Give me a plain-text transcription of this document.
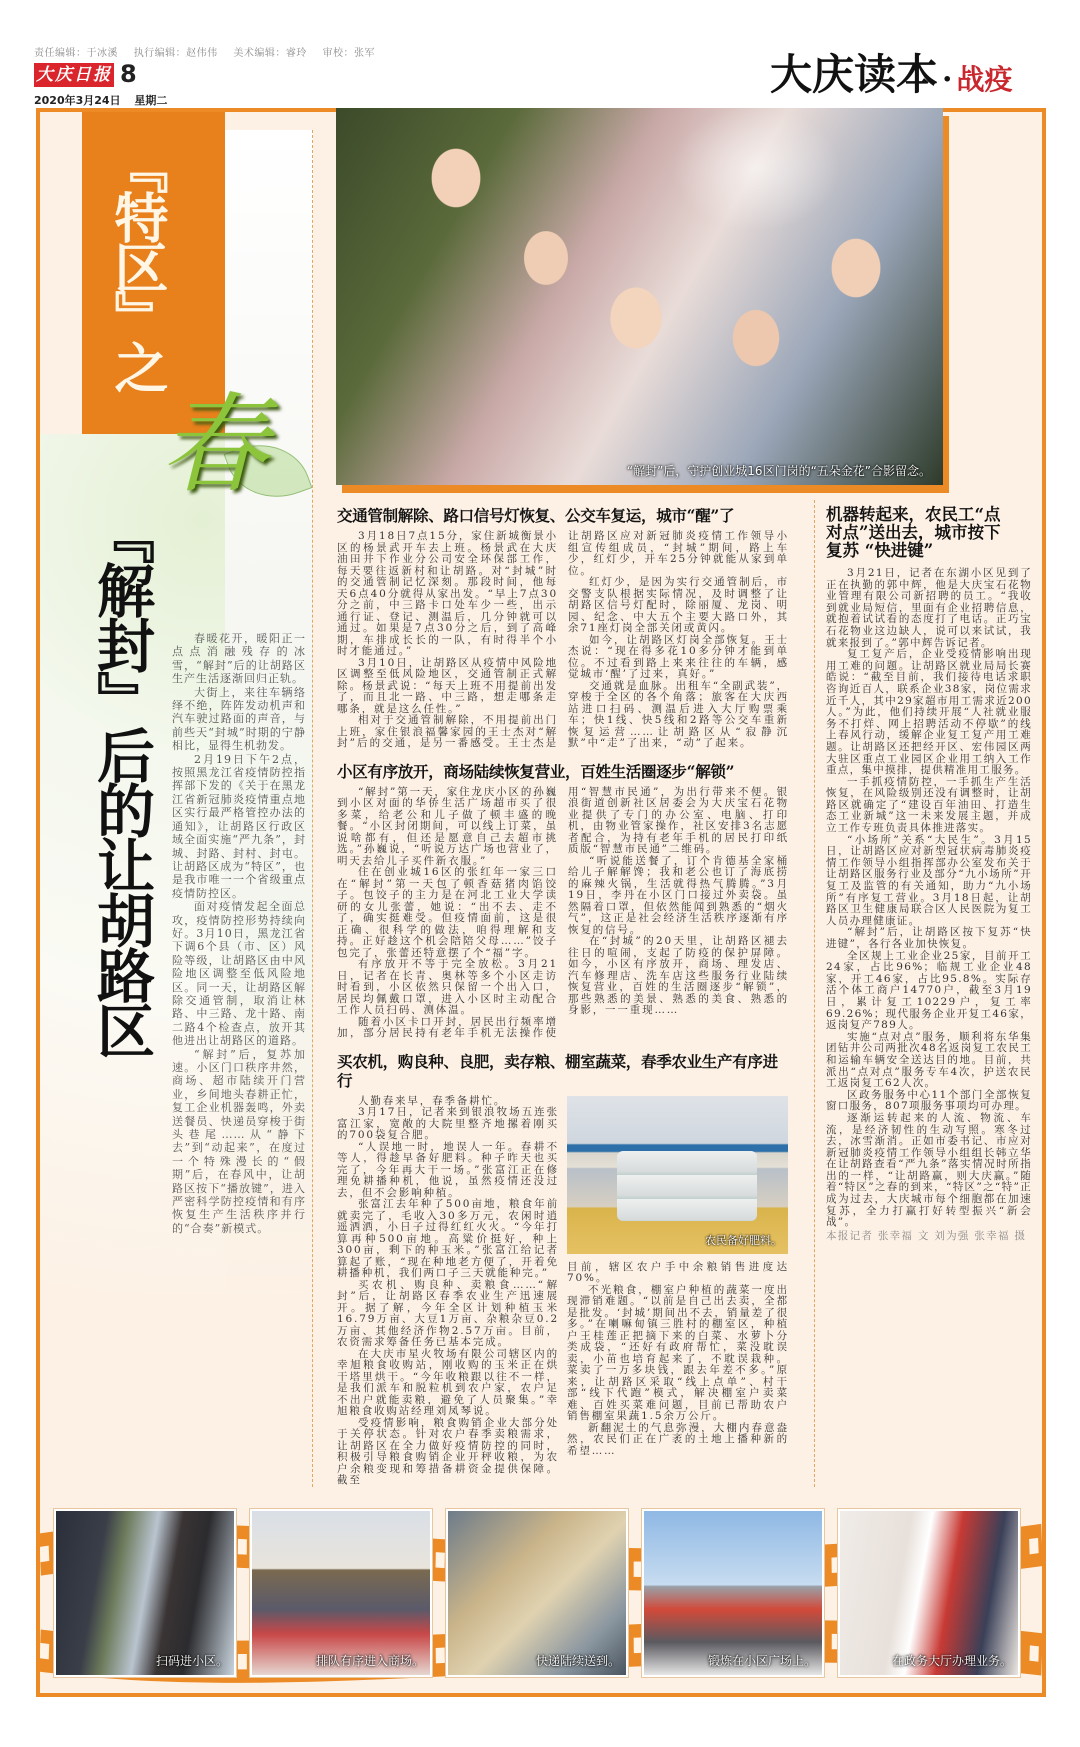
责任编辑：于冰溪 执行编辑：赵伟伟 美术编辑：睿玲 审校：张军
大庆日报 8
2020年3月24日 星期二
大庆读本 · 战疫
『特区』之
春
『解封』后的让胡路区	春暖花开，暖阳正一点点消融残存的冰雪，“解封”后的让胡路区生产生活逐渐回归正轨。

大街上，来往车辆络绎不绝，阵阵发动机声和汽车驶过路面的声音，与前些天“封城”时期的宁静相比，显得生机勃发。

2月19日下午2点，按照黑龙江省疫情防控指挥部下发的《关于在黑龙江省新冠肺炎疫情重点地区实行最严格管控办法的通知》，让胡路区行政区域全面实施“严九条”，封城、封路、封村、封屯。让胡路区成为“特区”，也是我市唯一一个省级重点疫情防控区。

面对疫情发起全面总攻，疫情防控形势持续向好。3月10日，黑龙江省下调6个县（市、区）风险等级，让胡路区由中风险地区调整至低风险地区。同一天，让胡路区解除交通管制，取消让林路、中三路、龙十路、南二路4个检查点，放开其他进出让胡路区的道路。

“解封”后，复苏加速。小区门口秩序井然，商场、超市陆续开门营业，乡间地头春耕正忙，复工企业机器轰鸣，外卖送餐员、快递员穿梭于街头巷尾……从“静下去”到“动起来”，在度过一个特殊漫长的“假期”后，在春风中，让胡路区按下“播放键”，进入严密科学防控疫情和有序恢复生产生活秩序并行的“合奏”新模式。

“解封”后，守护创业城16区门岗的“五朵金花”合影留念。
交通管制解除、路口信号灯恢复、公交车复运，城市“醒”了

3月18日7点15分，家住新城衡景小区的杨景武开车去上班。杨景武在大庆油田井下作业分公司安全环保部工作，每天要往返新村和让胡路。对“封城”时的交通管制记忆深刻。那段时间，他每天6点40分就得从家出发。“早上7点30分之前，中三路卡口处车少一些，出示通行证、登记、测温后，几分钟就可以通过。如果是7点30分之后，到了高峰期，车排成长长的一队，有时得半个小时才能通过。”

3月10日，让胡路区从疫情中风险地区调整至低风险地区，交通管制正式解除。杨景武说：“每天上班不用提前出发了，而且北一路、中三路，想走哪条走哪条，就是这么任性。”

相对于交通管制解除，不用提前出门上班，家住银浪福馨家园的王士杰对“解封”后的交通，是另一番感受。王士杰是让胡路区应对新冠肺炎疫情工作领导小组宣传组成员，“封城”期间，路上车少，红灯少，开车25分钟就能从家到单位。

红灯少，是因为实行交通管制后，市交警支队根据实际情况，及时调整了让胡路区信号灯配时，除丽厦、龙岗、明园、纪念、中大五个主要大路口外，其余71座灯岗全部关闭或黄闪。

如今，让胡路区灯岗全部恢复。王士杰说：“现在得多花10多分钟才能到单位。不过看到路上来来往往的车辆，感觉城市‘醒’了过来，真好。”

交通就是血脉。出租车“全副武装”，穿梭于全区的各个角落；旅客在大庆西站进口扫码、测温后进入大厅购票乘车；快1线、快5线和2路等公交车重新恢复运营……让胡路区从“寂静沉默”中“走”了出来，“动”了起来。

小区有序放开，商场陆续恢复营业，百姓生活圈逐步“解锁”

“解封”第一天，家住龙庆小区的孙巍到小区对面的华侨生活广场超市买了很多菜，给老公和儿子做了顿丰盛的晚餐。“小区封闭期间，可以线上订菜，虽说啥都有，但还是愿意自己去超市挑选。”孙巍说，“听说万达广场也营业了，明天去给儿子买件新衣服。”

住在创业城16区的张红年一家三口在“解封”第一天包了顿香菇猪肉馅饺子。包饺子的主力是在河北工业大学读研的女儿张蕾，她说：“出不去、走不了，确实挺难受。但疫情面前，这是很正确、很科学的做法，咱得理解和支持。正好趁这个机会陪陪父母……”饺子包完了，张蕾还特意摆了个“福”字。

有序放开不等于完全放松。3月21日，记者在长青、奥林等多个小区走访时看到，小区依然只保留一个出入口，居民均佩戴口罩，进入小区时主动配合工作人员扫码、测体温。

随着小区卡口开封，居民出行频率增加，部分居民持有老年手机无法操作使用“智慧市民通”，为出行带来不便。银浪街道创新社区居委会为大庆宝石花物业提供了专门的办公室、电脑、打印机，由物业管家操作，社区安排3名志愿者配合，为持有老年手机的居民打印纸质版“智慧市民通”二维码。

“听说能送餐了，订个肯德基全家桶给儿子解解馋；我和老公也订了海底捞的麻辣火锅，生活就得热气腾腾。”3月19日，李丹在小区门口接过外卖袋。虽然隔着口罩，但依然能闻到熟悉的“烟火气”，这正是社会经济生活秩序逐渐有序恢复的信号。

在“封城”的20天里，让胡路区褪去往日的喧闹，支起了防疫的保护屏障。如今，小区有序放开，商场、理发店、汽车修理店、洗车店这些服务行业陆续恢复营业，百姓的生活圈逐步“解锁”，那些熟悉的美景、熟悉的美食、熟悉的身影，一一重现……

买农机，购良种、良肥，卖存粮、棚室蔬菜，春季农业生产有序进行

人勤春来早，春季备耕忙。

3月17日，记者来到银浪牧场五连张富江家，宽敞的大院里整齐地摞着刚买的700袋复合肥。

“人误地一时，地误人一年。春耕不等人，得趁早备好肥料。种子昨天也买完了，今年再大干一场。”张富江正在修理免耕播种机，他说，虽然疫情还没过去，但不会影响种植。

张富江去年种了500亩地，粮食年前就卖完了，毛收入30多万元，农闲时逍遥洒洒，小日子过得红红火火。“今年打算再种500亩地。高粱价挺好，种上300亩，剩下的种玉米。”张富江给记者算起了账，“现在种地老方便了，开着免耕播种机，我们两口子三天就能种完。”

买农机、购良种、卖粮食……“解封”后，让胡路区春季农业生产迅速展开。据了解，今年全区计划种植玉米16.79万亩、大豆1万亩、杂粮杂豆0.2万亩、其他经济作物2.57万亩。目前，农资需求筹备任务已基本完成。

在大庆市星火牧场有限公司辖区内的幸旭粮食收购站，刚收购的玉米正在烘干塔里烘干。“今年收粮跟以往不一样，是我们派车和脱粒机到农户家，农户足不出户就能卖粮，避免了人员聚集。”幸旭粮食收购站经理刘凤琴说。

受疫情影响，粮食购销企业大部分处于关停状态。针对农户春季卖粮需求，让胡路区在全力做好疫情防控的同时，积极引导粮食购销企业开秤收粮，为农户余粮变现和筹措备耕资金提供保障。截至

农民备好肥料。

目前，辖区农户手中余粮销售进度达70%。

不光粮食，棚室户种植的蔬菜一度出现滞销难题。“以前是自己出去卖，全都是批发。‘封城’期间出不去，销量差了很多。”在喇嘛甸镇三胜村的棚室区，种植户王桂莲正把摘下来的白菜、水萝卜分类成袋，“还好有政府帮忙，菜没耽误卖，小苗也培育起来了，不耽误栽种。菜卖了一万多块钱，跟去年差不多。”原来，让胡路区采取“线上点单”、村干部“线下代跑”模式，解决棚室户卖菜难、百姓买菜难问题，目前已帮助农户销售棚室果蔬1.5余万公斤。

新翻泥土的气息弥漫，大棚内春意盎然，农民们正在广袤的土地上播种新的希望……

机器转起来，农民工“点对点”送出去，城市按下复苏 “快进键”

3月21日，记者在东湖小区见到了正在执勤的郭中辉，他是大庆宝石花物业管理有限公司新招聘的员工。“我收到就业局短信，里面有企业招聘信息，就抱着试试看的态度打了电话。正巧宝石花物业这边缺人，说可以来试试，我就来报到了。”郭中辉告诉记者。

复工复产后，企业受疫情影响出现用工难的问题。让胡路区就业局局长赛皓说：“截至目前，我们接待电话求职咨询近百人，联系企业38家，岗位需求近千人，其中29家超市用工需求近200人。”为此，他们持续开展“人社就业服务不打烊、网上招聘活动不停歇”的线上春风行动，缓解企业复工复产用工难题。让胡路区还把经开区、宏伟园区两大驻区重点工业园区企业用工纳入工作重点，集中摸排，提供精准用工服务。

一手抓疫情防控，一手抓生产生活恢复，在风险级别还没有调整时，让胡路区就确定了“建设百年油田、打造生态工业新城”这一未来发展主题，并成立工作专班负责具体推进落实。

“小场所”关系“大民生”。3月15日，让胡路区应对新型冠状病毒肺炎疫情工作领导小组指挥部办公室发布关于让胡路区服务行业及部分“九小场所”开复工及监管的有关通知，助力“九小场所”有序复工营业。3月18日起，让胡路区卫生健康局联合区人民医院为复工人员办理健康证。

“解封”后，让胡路区按下复苏“快进键”，各行各业加快恢复。

全区规上工业企业25家，目前开工24家，占比96%；临规工业企业48家，开工46家，占比95.8%。实际存活个体工商户14770户，截至3月19日，累计复工10229户，复工率69.26%；现代服务企业开复工46家，返岗复产789人。

实施“点对点”服务，顺利将东华集团钻井公司两批次48名返岗复工农民工和运输车辆安全送达目的地。目前，共派出“点对点”服务专车4次，护送农民工返岗复工62人次。

区政务服务中心11个部门全部恢复窗口服务，807项服务事项均可办理。

逐渐运转起来的人流、物流、车流，是经济韧性的生动写照。寒冬过去，冰雪渐消。正如市委书记、市应对新冠肺炎疫情工作领导小组组长韩立华在让胡路查看“严九条”落实情况时所指出的一样，“让胡路赢，则大庆赢。”随着“特区”之春的到来，“特区”之“特”正成为过去，大庆城市每个细胞都在加速复苏，全力打赢打好转型振兴“新会战”。

本报记者 张幸福 文 刘为强 张幸福 摄

扫码进小区。	排队有序进入商场。	快递陆续送到。	锻炼在小区广场上。	在政务大厅办理业务。
